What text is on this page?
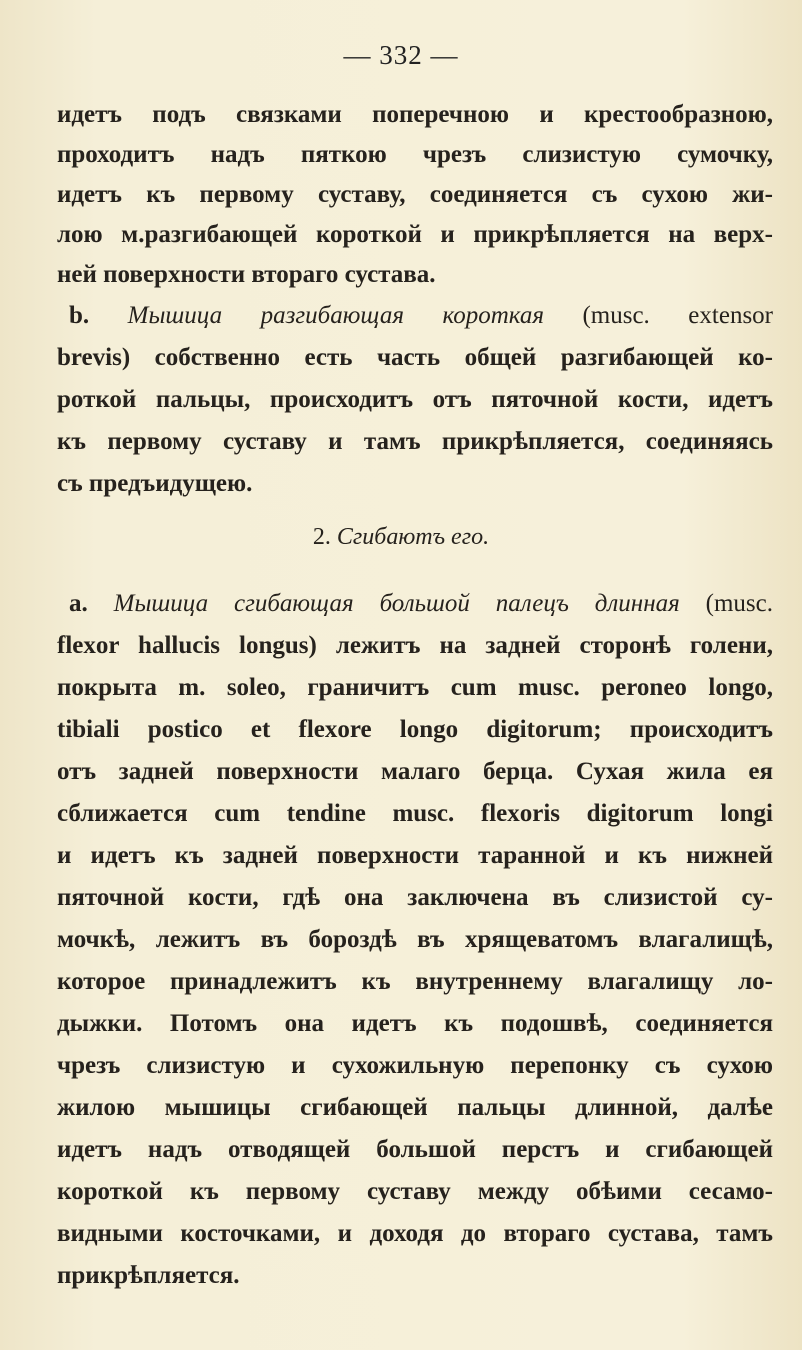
— 332 —
идетъ подъ связками поперечною и крестообразною,
проходитъ надъ пяткою чрезъ слизистую сумочку,
идетъ къ первому суставу, соединяется съ сухою жи-
лою м.разгибающей короткой и прикрѣпляется на верх-
ней поверхности втораго сустава.
b. Мышица разгибающая короткая (musc. extensor
brevis) собственно есть часть общей разгибающей ко-
роткой пальцы, происходитъ отъ пяточной кости, идетъ
къ первому суставу и тамъ прикрѣпляется, соединяясь
съ предъидущею.
2. Сгибаютъ его.
a. Мышица сгибающая большой палецъ длинная (musc.
flexor hallucis longus) лежитъ на задней сторонѣ голени,
покрыта m. soleo, граничитъ cum musc. peroneo longo,
tibiali postico et flexore longo digitorum; происходитъ
отъ задней поверхности малаго берца. Сухая жила ея
сближается cum tendine musc. flexoris digitorum longi
и идетъ къ задней поверхности таранной и къ нижней
пяточной кости, гдѣ она заключена въ слизистой су-
мочкѣ, лежитъ въ бороздѣ въ хрящеватомъ влагалищѣ,
которое принадлежитъ къ внутреннему влагалищу ло-
дыжки. Потомъ она идетъ къ подошвѣ, соединяется
чрезъ слизистую и сухожильную перепонку съ сухою
жилою мышицы сгибающей пальцы длинной, далѣе
идетъ надъ отводящей большой перстъ и сгибающей
короткой къ первому суставу между обѣими сесамо-
видными косточками, и доходя до втораго сустава, тамъ
прикрѣпляется.
